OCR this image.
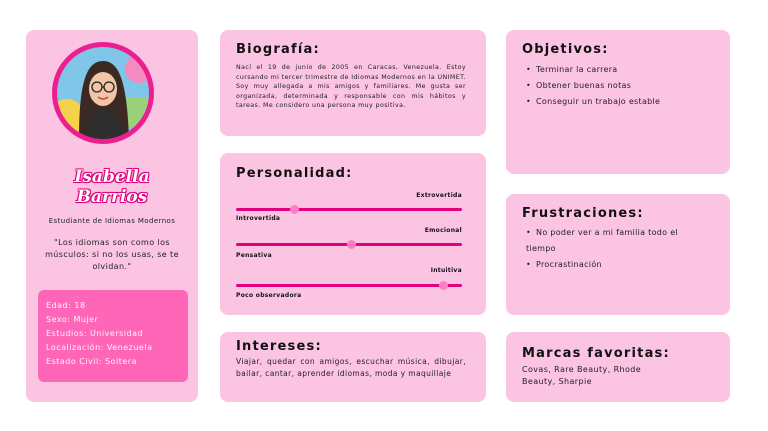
Isabella
Barrios
Estudiante de Idiomas Modernos
"Los idiomas son como los músculos: si no los usas, se te olvidan."
Edad: 18
Sexo: Mujer
Estudios: Universidad
Localización: Venezuela
Estado Civil: Soltera
Biografía:
Nací el 19 de junio de 2005 en Caracas, Venezuela. Estoy cursando mi tercer trimestre de Idiomas Modernos en la UNIMET. Soy muy allegada a mis amigos y familiares. Me gusta ser organizada, determinada y responsable con mis hábitos y tareas. Me considero una persona muy positiva.
Personalidad:
Extrovertida
Introvertida
Emocional
Pensativa
Intuitiva
Poco observadora
Intereses:
Viajar, quedar con amigos, escuchar música, dibujar, bailar, cantar, aprender idiomas, moda y maquillaje
Objetivos:
• Terminar la carrera
• Obtener buenas notas
• Conseguir un trabajo estable
Frustraciones:
• No poder ver a mi familia todo el tiempo
• Procrastinación
Marcas favoritas:
Covas, Rare Beauty, Rhode Beauty, Sharpie
